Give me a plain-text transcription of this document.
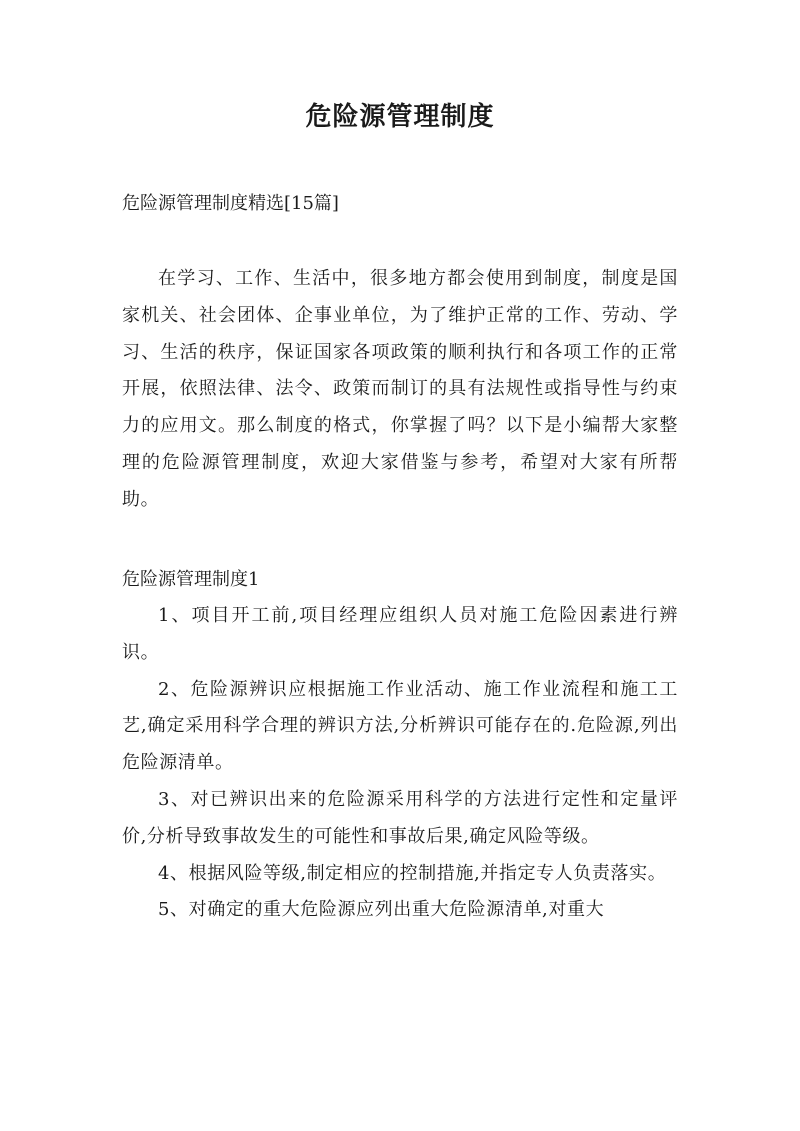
危险源管理制度

危险源管理制度精选[15篇]

在学习、工作、生活中，很多地方都会使用到制度，制度是国家机关、社会团体、企事业单位，为了维护正常的工作、劳动、学习、生活的秩序，保证国家各项政策的顺利执行和各项工作的正常开展，依照法律、法令、政策而制订的具有法规性或指导性与约束力的应用文。那么制度的格式，你掌握了吗？以下是小编帮大家整理的危险源管理制度，欢迎大家借鉴与参考，希望对大家有所帮助。

危险源管理制度1

1、项目开工前,项目经理应组织人员对施工危险因素进行辨识。

2、危险源辨识应根据施工作业活动、施工作业流程和施工工艺,确定采用科学合理的辨识方法,分析辨识可能存在的.危险源,列出危险源清单。

3、对已辨识出来的危险源采用科学的方法进行定性和定量评价,分析导致事故发生的可能性和事故后果,确定风险等级。

4、根据风险等级,制定相应的控制措施,并指定专人负责落实。

5、对确定的重大危险源应列出重大危险源清单,对重大
